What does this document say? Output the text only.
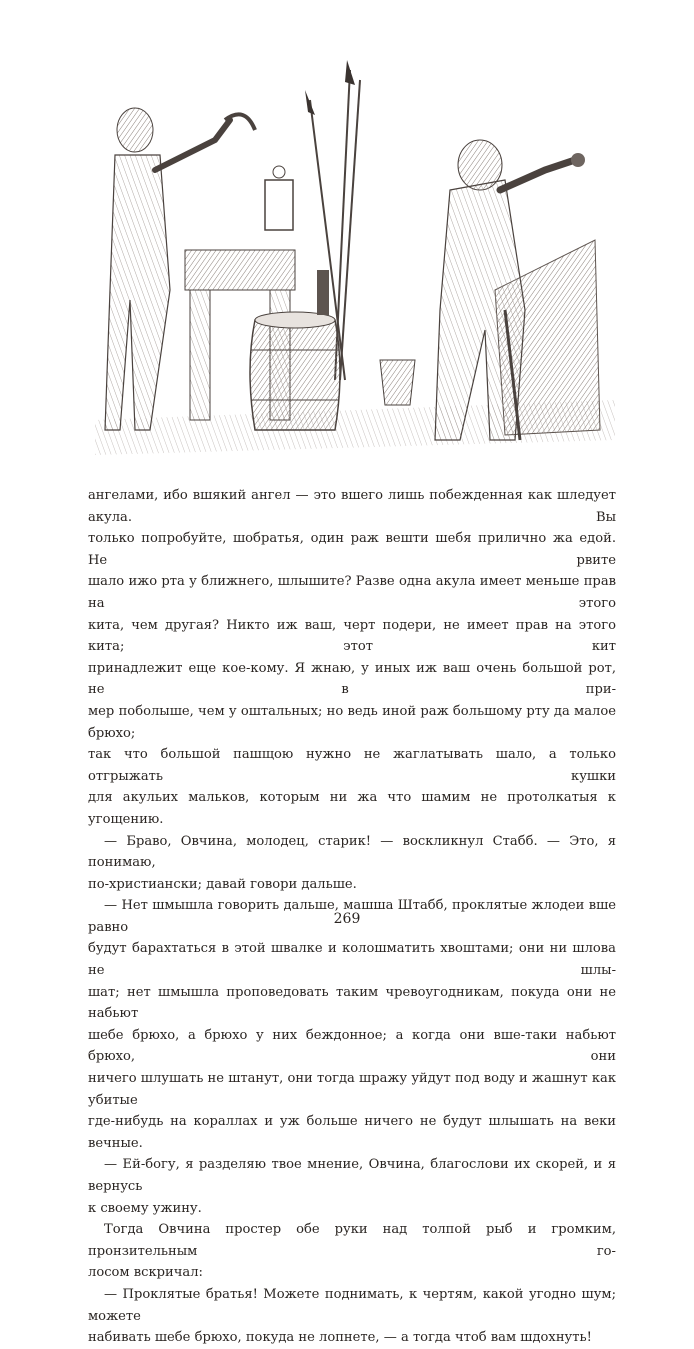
ангелами, ибо вшякий ангел — это вшего лишь побежденная как шледует акула. Вы
только попробуйте, шобратья, один раж вешти шебя прилично жа едой. Не рвите
шало ижо рта у ближнего, шлышите? Разве одна акула имеет меньше прав на этого
кита, чем другая? Никто иж ваш, черт подери, не имеет прав на этого кита; этот кит
принадлежит еще кое-кому. Я жнаю, у иных иж ваш очень большой рот, не в при-
мер поболыше, чем у оштальных; но ведь иной раж большому рту да малое брюхо;
так что большой пашщою нужно не жаглатывать шало, а только отгрыжать кушки
для акульих мальков, которым ни жа что шамим не протолкатыя к угощению.

— Браво, Овчина, молодец, старик! — воскликнул Стабб. — Это, я понимаю,
по-христиански; давай говори дальше.

— Нет шмышла говорить дальше, машша Штабб, проклятые жлодеи вше равно
будут барахтаться в этой швалке и колошматить хвоштами; они ни шлова не шлы-
шат; нет шмышла проповедовать таким чревоугодникам, покуда они не набьют
шебе брюхо, а брюхо у них беждонное; а когда они вше-таки набьют брюхо, они
ничего шлушать не штанут, они тогда шражу уйдут под воду и жашнут как убитые
где-нибудь на кораллах и уж больше ничего не будут шлышать на веки вечные.

— Ей-богу, я разделяю твое мнение, Овчина, благослови их скорей, и я вернусь
к своему ужину.

Тогда Овчина простер обе руки над толпой рыб и громким, пронзительным го-
лосом вскричал:

— Проклятые братья! Можете поднимать, к чертям, какой угодно шум; можете
набивать шебе брюхо, покуда не лопнете, — а тогда чтоб вам шдохнуть!

269
